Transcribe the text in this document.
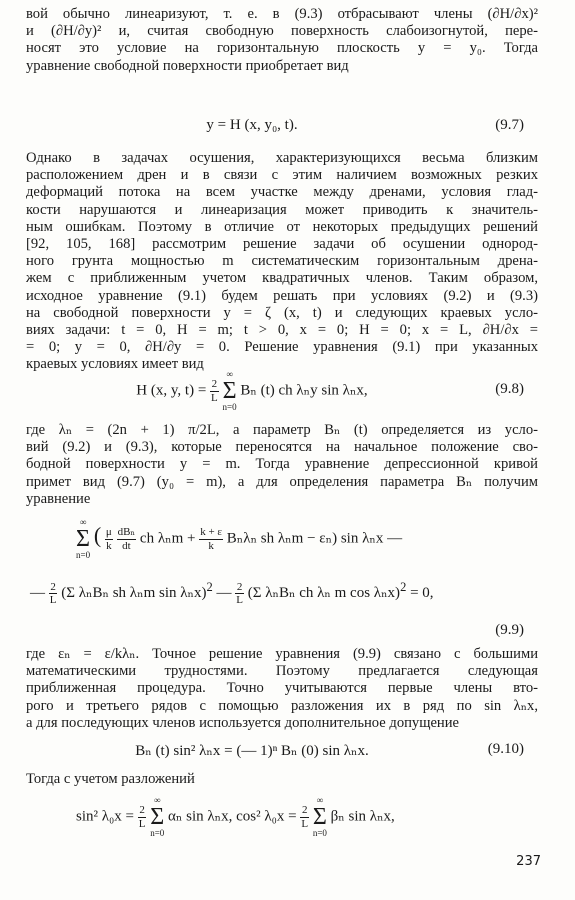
вой обычно линеаризуют, т. е. в (9.3) отбрасывают члены (∂H/∂x)²
и (∂H/∂y)² и, считая свободную поверхность слабоизогнутой, пере-
носят это условие на горизонтальную плоскость y = y₀. Тогда
уравнение свободной поверхности приобретает вид
y = H (x, y₀, t).	(9.7)
Однако в задачах осушения, характеризующихся весьма близким
расположением дрен и в связи с этим наличием возможных резких
деформаций потока на всем участке между дренами, условия глад-
кости нарушаются и линеаризация может приводить к значитель-
ным ошибкам. Поэтому в отличие от некоторых предыдущих решений
[92, 105, 168] рассмотрим решение задачи об осушении однород-
ного грунта мощностью m систематическим горизонтальным дрена-
жем с приближенным учетом квадратичных членов. Таким образом,
исходное уравнение (9.1) будем решать при условиях (9.2) и (9.3)
на свободной поверхности y = ζ (x, t) и следующих краевых усло-
виях задачи: t = 0, H = m; t > 0, x = 0; H = 0; x = L, ∂H/∂x =
= 0; y = 0, ∂H/∂y = 0. Решение уравнения (9.1) при указанных
краевых условиях имеет вид
H (x, y, $t) = \frac{2}{L}$

∞
Σ
n=0
Bₙ (t) ch λₙy sin λₙx,	(9.8)
где λₙ = (2n + 1) π/2L, а параметр Bₙ (t) определяется из усло-
вий (9.2) и (9.3), которые переносятся на начальное положение сво-
бодной поверхности y = m. Тогда уравнение депрессионной кривой
примет вид (9.7) (y₀ = m), а для определения параметра Bₙ получим
уравнение
∞
Σ
n=0
( $\frac{\mu}{k}$
$\frac{\text{dBₙ}}{dt}$ ch $\lambda_nm + \frac{k + \varepsilon}{k}$ Bₙλₙ sh λₙm − εₙ) sin λₙx —
— $\frac{2}{L} (\Sigma$ λₙBₙ sh λₙm sin λₙx)$^2$ — $\frac{2}{L} (\Sigma$ λₙBₙ ch λₙ m cos λₙx)$^2$ = 0,
(9.9)
где εₙ = ε/kλₙ. Точное решение уравнения (9.9) связано с большими
математическими трудностями. Поэтому предлагается следующая
приближенная процедура. Точно учитываются первые члены вто-
рого и третьего рядов с помощью разложения их в ряд по sin λₙx,
а для последующих членов используется дополнительное допущение
Bₙ (t) sin² λₙx = (— 1)ⁿ Bₙ (0) sin λₙx.	(9.10)
Тогда с учетом разложений
sin² $\lambda_0x = \frac{2}{L}$

∞
Σ
n=0
αₙ sin λₙx, cos² $\lambda_0x = \frac{2}{L}$

∞
Σ
n=0
βₙ sin λₙx,
237
